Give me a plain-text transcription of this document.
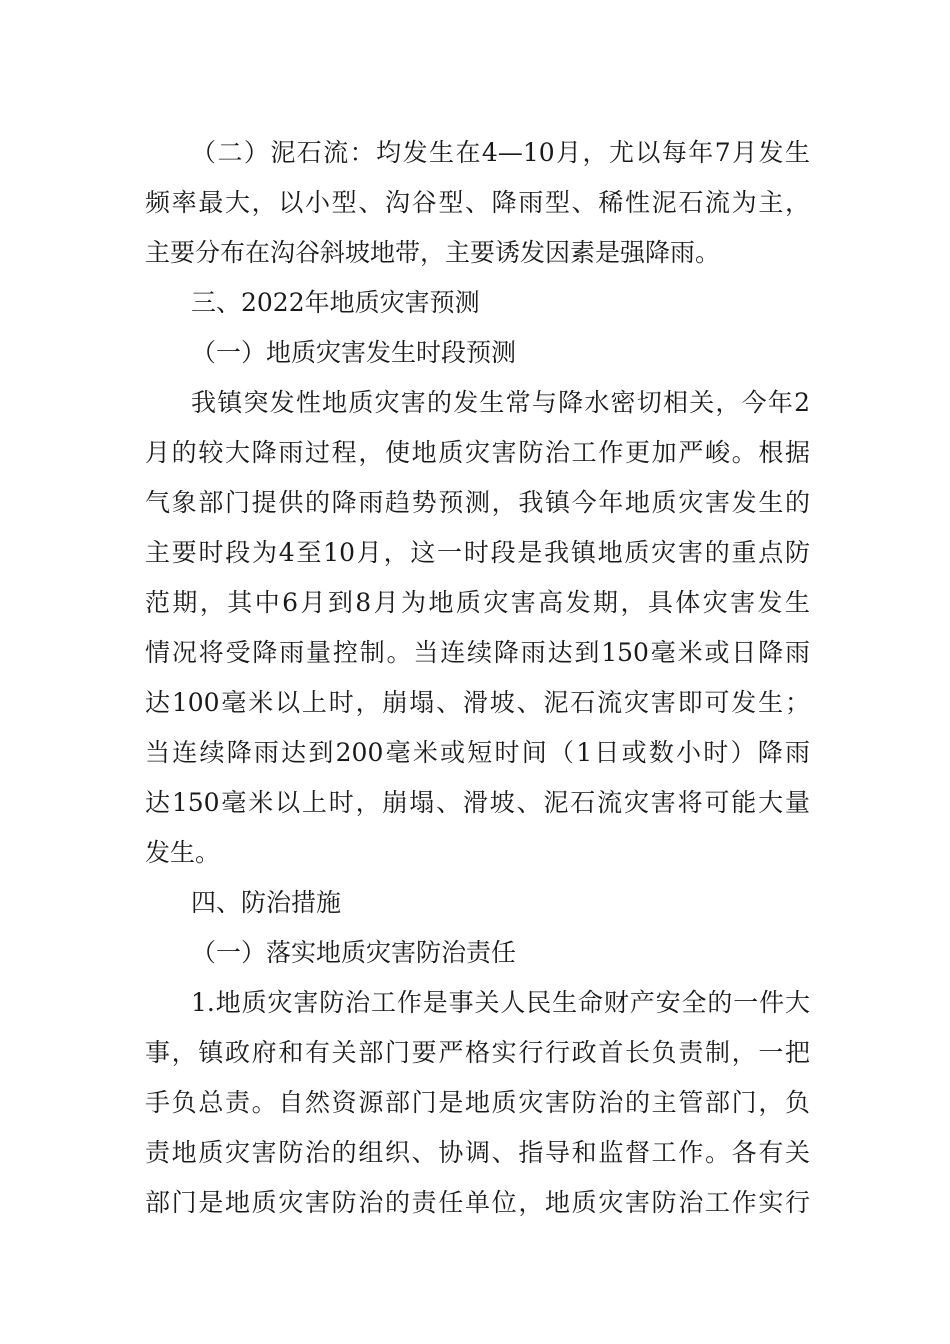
（二）泥石流：均发生在4—10月，尤以每年7月发生
频率最大，以小型、沟谷型、降雨型、稀性泥石流为主，
主要分布在沟谷斜坡地带，主要诱发因素是强降雨。
三、2022年地质灾害预测
（一）地质灾害发生时段预测
我镇突发性地质灾害的发生常与降水密切相关，今年2
月的较大降雨过程，使地质灾害防治工作更加严峻。根据
气象部门提供的降雨趋势预测，我镇今年地质灾害发生的
主要时段为4至10月，这一时段是我镇地质灾害的重点防
范期，其中6月到8月为地质灾害高发期，具体灾害发生
情况将受降雨量控制。当连续降雨达到150毫米或日降雨
达100毫米以上时，崩塌、滑坡、泥石流灾害即可发生；
当连续降雨达到200毫米或短时间（1日或数小时）降雨
达150毫米以上时，崩塌、滑坡、泥石流灾害将可能大量
发生。
四、防治措施
（一）落实地质灾害防治责任
1.地质灾害防治工作是事关人民生命财产安全的一件大
事，镇政府和有关部门要严格实行行政首长负责制，一把
手负总责。自然资源部门是地质灾害防治的主管部门，负
责地质灾害防治的组织、协调、指导和监督工作。各有关
部门是地质灾害防治的责任单位，地质灾害防治工作实行
